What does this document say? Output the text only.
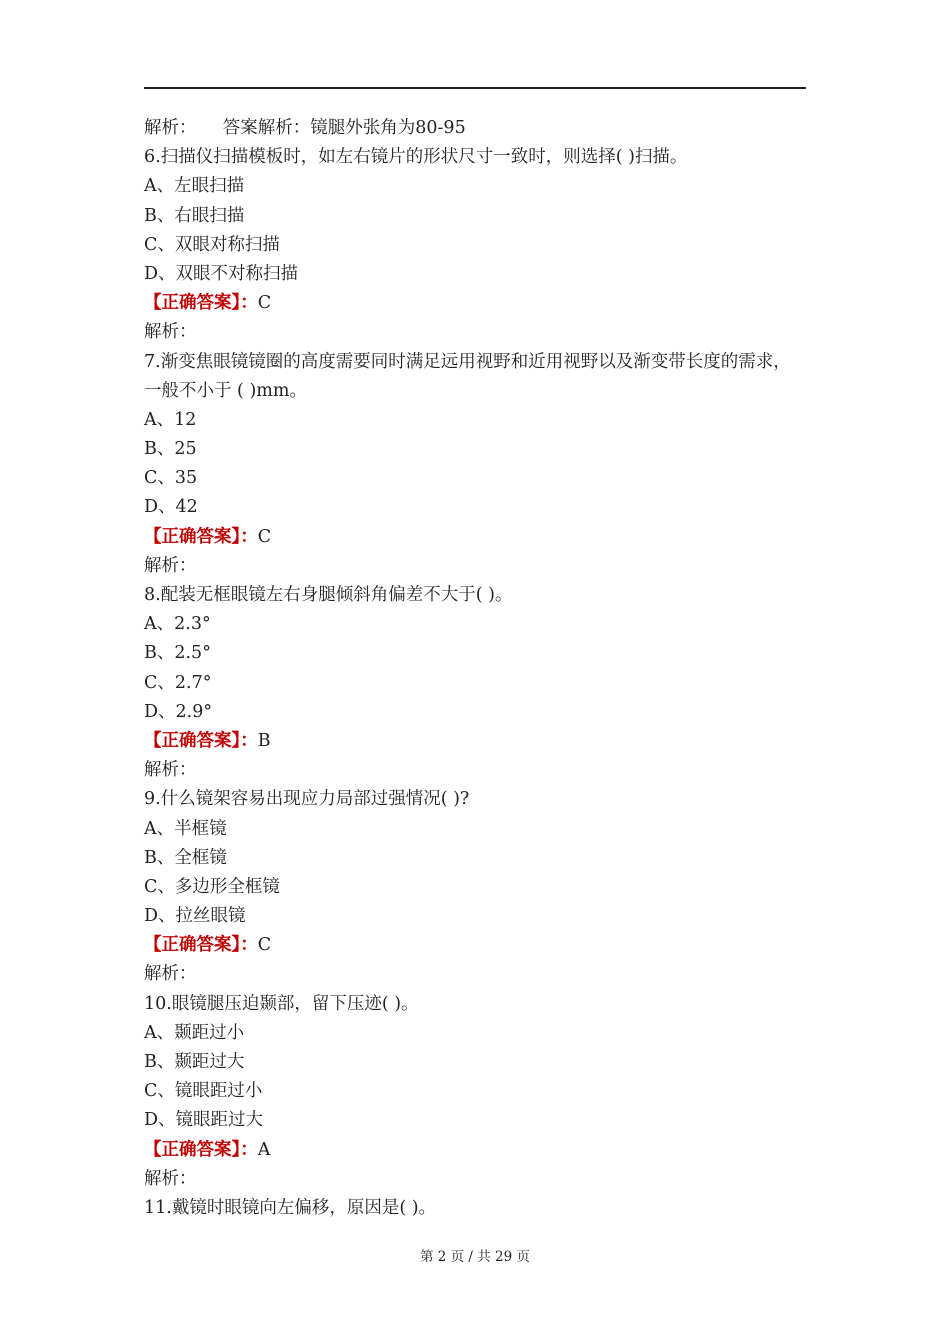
解析：　　答案解析：镜腿外张角为80-95
6.扫描仪扫描模板时，如左右镜片的形状尺寸一致时，则选择( )扫描。
A、左眼扫描
B、右眼扫描
C、双眼对称扫描
D、双眼不对称扫描
【正确答案】：C
解析：
7.渐变焦眼镜镜圈的高度需要同时满足远用视野和近用视野以及渐变带长度的需求，一般不小于 ( )mm。
A、12
B、25
C、35
D、42
【正确答案】：C
解析：
8.配装无框眼镜左右身腿倾斜角偏差不大于( )。
A、2.3°
B、2.5°
C、2.7°
D、2.9°
【正确答案】：B
解析：
9.什么镜架容易出现应力局部过强情况( )?
A、半框镜
B、全框镜
C、多边形全框镜
D、拉丝眼镜
【正确答案】：C
解析：
10.眼镜腿压迫颞部，留下压迹( )。
A、颞距过小
B、颞距过大
C、镜眼距过小
D、镜眼距过大
【正确答案】：A
解析：
11.戴镜时眼镜向左偏移，原因是( )。
第 2 页 / 共 29 页
